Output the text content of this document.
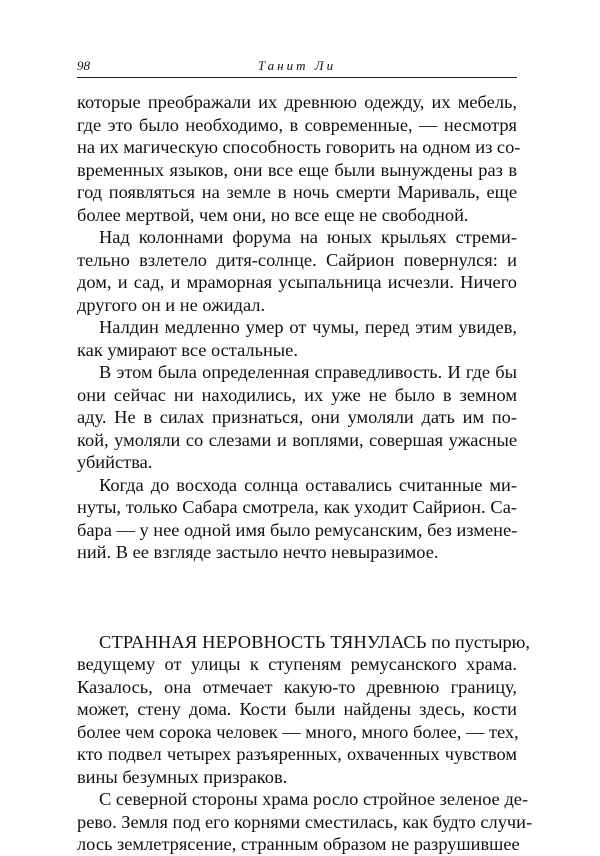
98	Танит Ли
которые преображали их древнюю одежду, их мебель,
где это было необходимо, в современные, — несмотря
на их магическую способность говорить на одном из со-
временных языков, они все еще были вынуждены раз в
год появляться на земле в ночь смерти Мариваль, еще
более мертвой, чем они, но все еще не свободной.
Над колоннами форума на юных крыльях стреми-
тельно взлетело дитя-солнце. Сайрион повернулся: и
дом, и сад, и мраморная усыпальница исчезли. Ничего
другого он и не ожидал.
Налдин медленно умер от чумы, перед этим увидев,
как умирают все остальные.
В этом была определенная справедливость. И где бы
они сейчас ни находились, их уже не было в земном
аду. Не в силах признаться, они умоляли дать им по-
кой, умоляли со слезами и воплями, совершая ужасные
убийства.
Когда до восхода солнца оставались считанные ми-
нуты, только Сабара смотрела, как уходит Сайрион. Са-
бара — у нее одной имя было ремусанским, без измене-
ний. В ее взгляде застыло нечто невыразимое.
СТРАННАЯ НЕРОВНОСТЬ ТЯНУЛАСЬ по пустырю,
ведущему от улицы к ступеням ремусанского храма.
Казалось, она отмечает какую-то древнюю границу,
может, стену дома. Кости были найдены здесь, кости
более чем сорока человек — много, много более, — тех,
кто подвел четырех разъяренных, охваченных чувством
вины безумных призраков.
С северной стороны храма росло стройное зеленое де-
рево. Земля под его корнями сместилась, как будто случи-
лось землетрясение, странным образом не разрушившее
